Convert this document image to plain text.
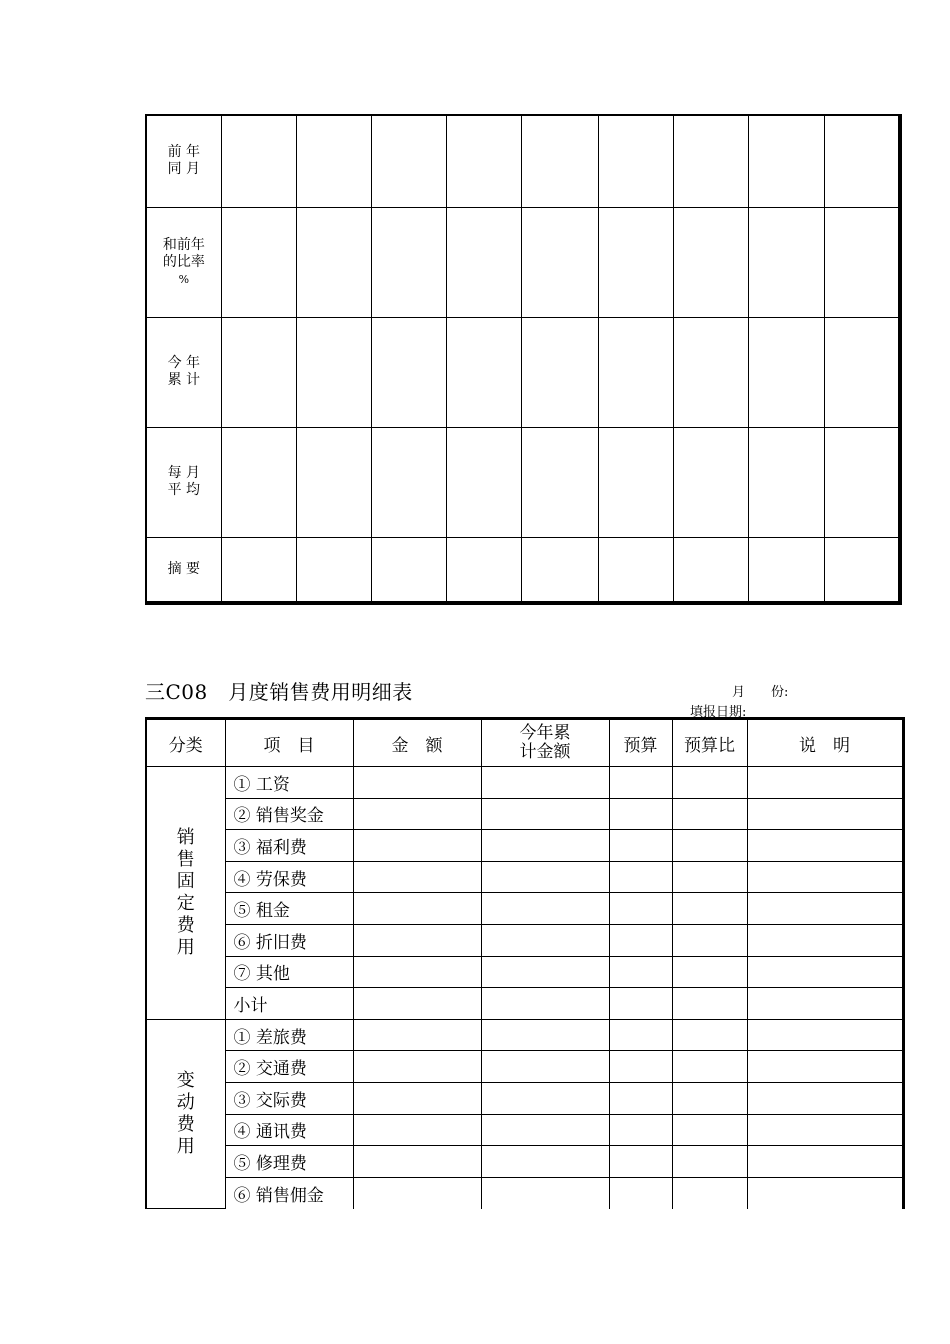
前 年
同 月									

和前年
的比率
%									

今 年
累 计									

每 月
平 均									

摘 要									

三C08　月度销售费用明细表	月　　份:
填报日期:
分类	项　目	金　额	今年累
计金额	预算	预算比	说　明
销售固定费用	① 工资					
	② 销售奖金					
	③ 福利费					
	④ 劳保费					
	⑤ 租金					
	⑥ 折旧费					
	⑦ 其他					
	小计					
变动费用	① 差旅费					
	② 交通费					
	③ 交际费					
	④ 通讯费					
	⑤ 修理费					
	⑥ 销售佣金					
